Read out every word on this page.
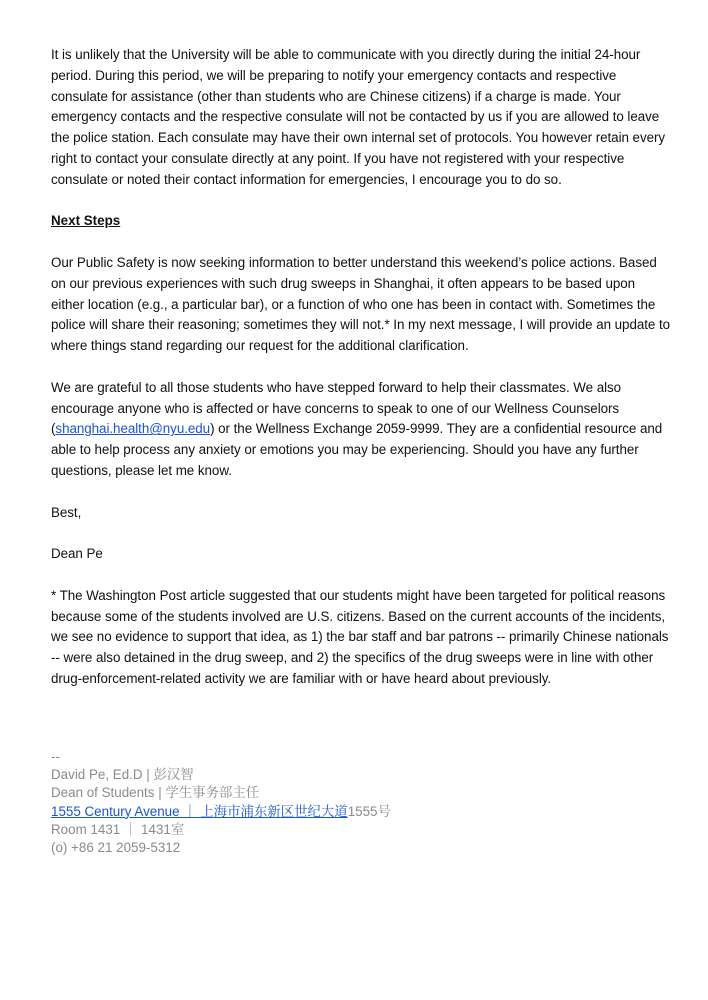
It is unlikely that the University will be able to communicate with you directly during the initial 24-hour period. During this period, we will be preparing to notify your emergency contacts and respective consulate for assistance (other than students who are Chinese citizens) if a charge is made. Your emergency contacts and the respective consulate will not be contacted by us if you are allowed to leave the police station. Each consulate may have their own internal set of protocols. You however retain every right to contact your consulate directly at any point. If you have not registered with your respective consulate or noted their contact information for emergencies, I encourage you to do so.

Next Steps

Our Public Safety is now seeking information to better understand this weekend’s police actions. Based on our previous experiences with such drug sweeps in Shanghai, it often appears to be based upon either location (e.g., a particular bar), or a function of who one has been in contact with. Sometimes the police will share their reasoning; sometimes they will not.* In my next message, I will provide an update to where things stand regarding our request for the additional clarification.

We are grateful to all those students who have stepped forward to help their classmates. We also encourage anyone who is affected or have concerns to speak to one of our Wellness Counselors (shanghai.health@nyu.edu) or the Wellness Exchange 2059-9999. They are a confidential resource and able to help process any anxiety or emotions you may be experiencing. Should you have any further questions, please let me know.

Best,

Dean Pe

* The Washington Post article suggested that our students might have been targeted for political reasons because some of the students involved are U.S. citizens. Based on the current accounts of the incidents, we see no evidence to support that idea, as 1) the bar staff and bar patrons -- primarily Chinese nationals -- were also detained in the drug sweep, and 2) the specifics of the drug sweeps were in line with other drug-enforcement-related activity we are familiar with or have heard about previously.

--

David Pe, Ed.D | 彭汉智

Dean of Students | 学生事务部主任

1555 Century Avenue ｜ 上海市浦东新区世纪大道1555号

Room 1431 ｜ 1431室

(o) +86 21 2059-5312
